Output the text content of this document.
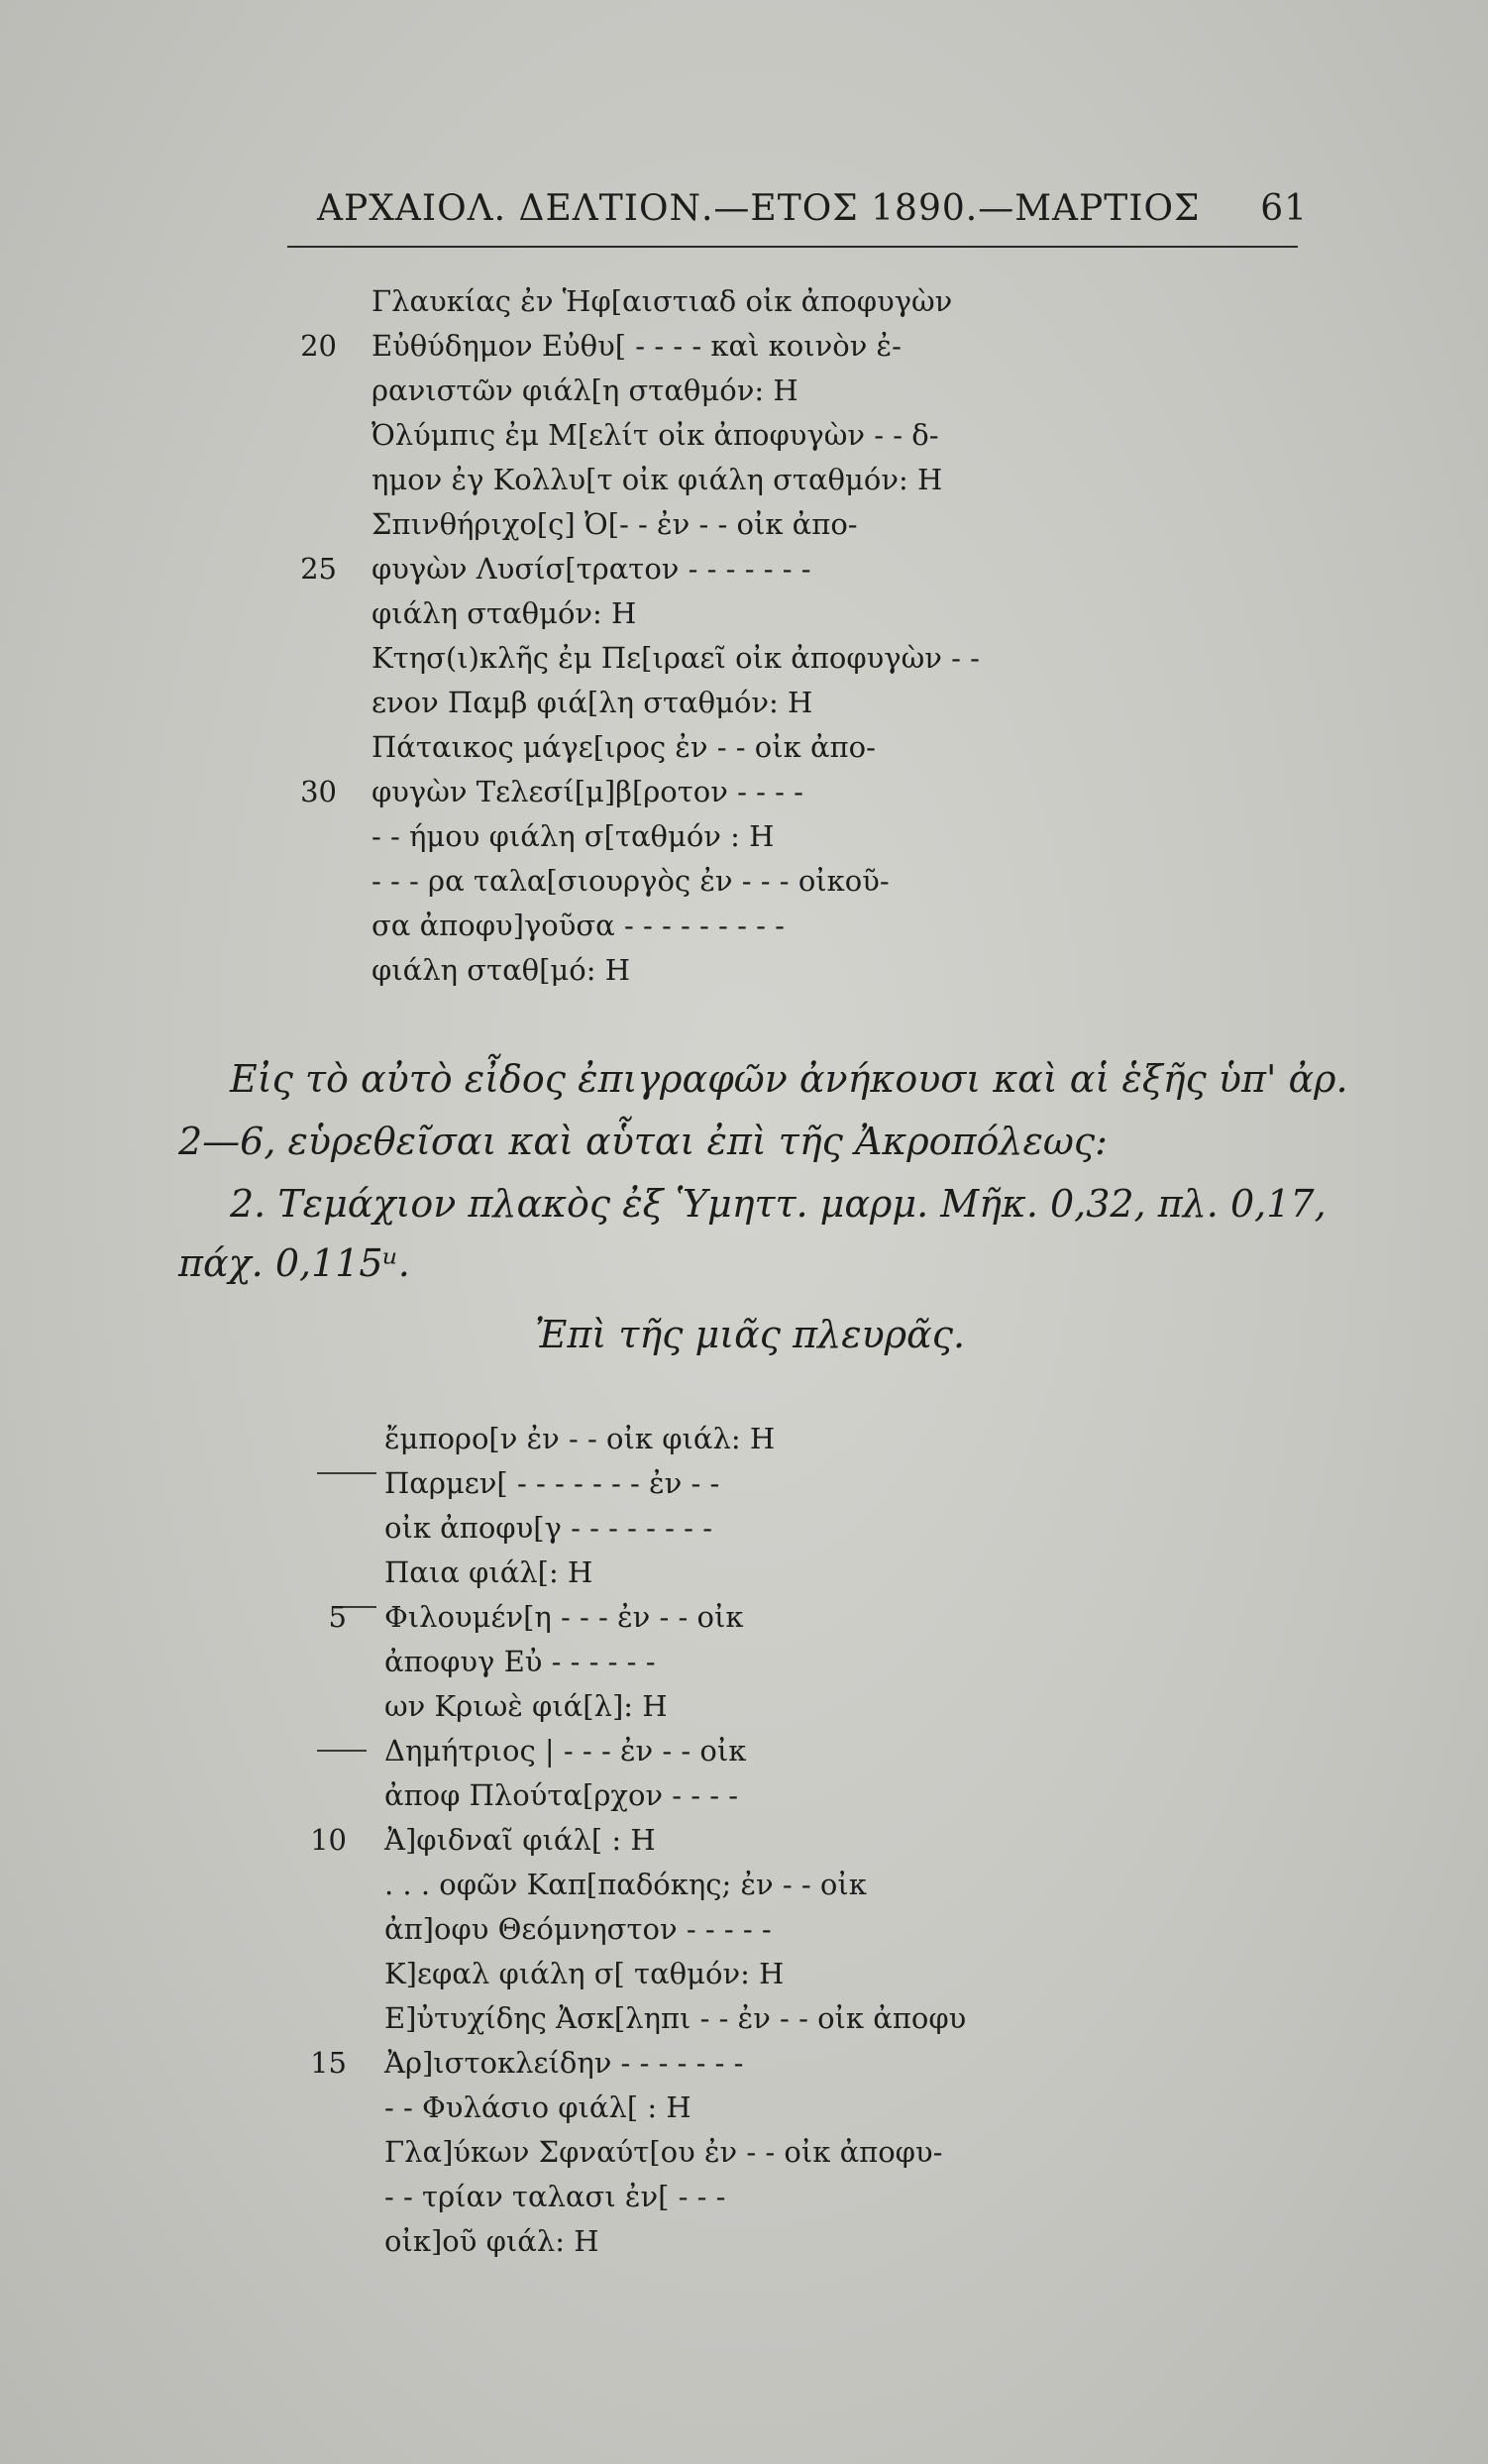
ΑΡΧΑΙΟΛ. ΔΕΛΤΙΟΝ.—ΕΤΟΣ 1890.—ΜΑΡΤΙΟΣ 61
Γλαυκίας ἐν Ἡφ[αιστιαδ οἰκ ἀποφυγὼν
Εὐθύδημον Εὐθυ[ - - - - καὶ κοινὸν ἐ-
ρανιστῶν φιάλ[η σταθμόν: Η
Ὀλύμπις ἐμ Μ[ελίτ οἰκ ἀποφυγὼν - - δ-
ημον ἐγ Κολλυ[τ οἰκ φιάλη σταθμόν: Η
Σπινθήριχο[ς] Ὀ[- - ἐν - - οἰκ ἀπο-
φυγὼν Λυσίσ[τρατον - - - - - - -
φιάλη σταθμόν: Η
Κτησ(ι)κλῆς ἐμ Πε[ιραεῖ οἰκ ἀποφυγὼν - -
ενον Παμβ φιά[λη σταθμόν: Η
Πάταικος μάγε[ιρος ἐν - - οἰκ ἀπο-
φυγὼν Τελεσί[μ]β[ροτον - - - -
- - ήμου φιάλη σ[ταθμόν : Η
- - - ρα ταλα[σιουργὸς ἐν - - - οἰκοῦ-
σα ἀποφυ]γοῦσα - - - - - - - - -
φιάλη σταθ[μό: Η
20
25
30
Εἰς τὸ αὐτὸ εἶδος ἐπιγραφῶν ἀνήκουσι καὶ αἱ ἑξῆς ὑπ' ἀρ.
2—6, εὑρεθεῖσαι καὶ αὗται ἐπὶ τῆς Ἀκροπόλεως:
2. Τεμάχιον πλακὸς ἐξ Ὑμηττ. μαρμ. Μῆκ. 0,32, πλ. 0,17,
πάχ. 0,115ᵘ.
Ἐπὶ τῆς μιᾶς πλευρᾶς.
ἔμπορο[ν ἐν - - οἰκ φιάλ: Η
Παρμεν[ - - - - - - - ἐν - -
οἰκ ἀποφυ[γ - - - - - - - -
Παια φιάλ[: Η
Φιλουμέν[η - - - ἐν - - οἰκ
ἀποφυγ Εὐ - - - - - -
ων Κριωὲ φιά[λ]: Η
Δημήτριος | - - - ἐν - - οἰκ
ἀποφ Πλούτα[ρχον - - - -
Ἀ]φιδναῖ φιάλ[ : Η
. . . οφῶν Καπ[παδόκης; ἐν - - οἰκ
ἀπ]οφυ Θεόμνηστον - - - - -
Κ]εφαλ φιάλη σ[ ταθμόν: Η
Ε]ὐτυχίδης Ἀσκ[ληπι - - ἐν - - οἰκ ἀποφυ
Ἀρ]ιστοκλείδην - - - - - - -
- - Φυλάσιο φιάλ[ : Η
Γλα]ύκων Σφναύτ[ου ἐν - - οἰκ ἀποφυ-
- - τρίαν ταλασι ἐν[ - - -
οἰκ]οῦ φιάλ: Η
5
10
15
